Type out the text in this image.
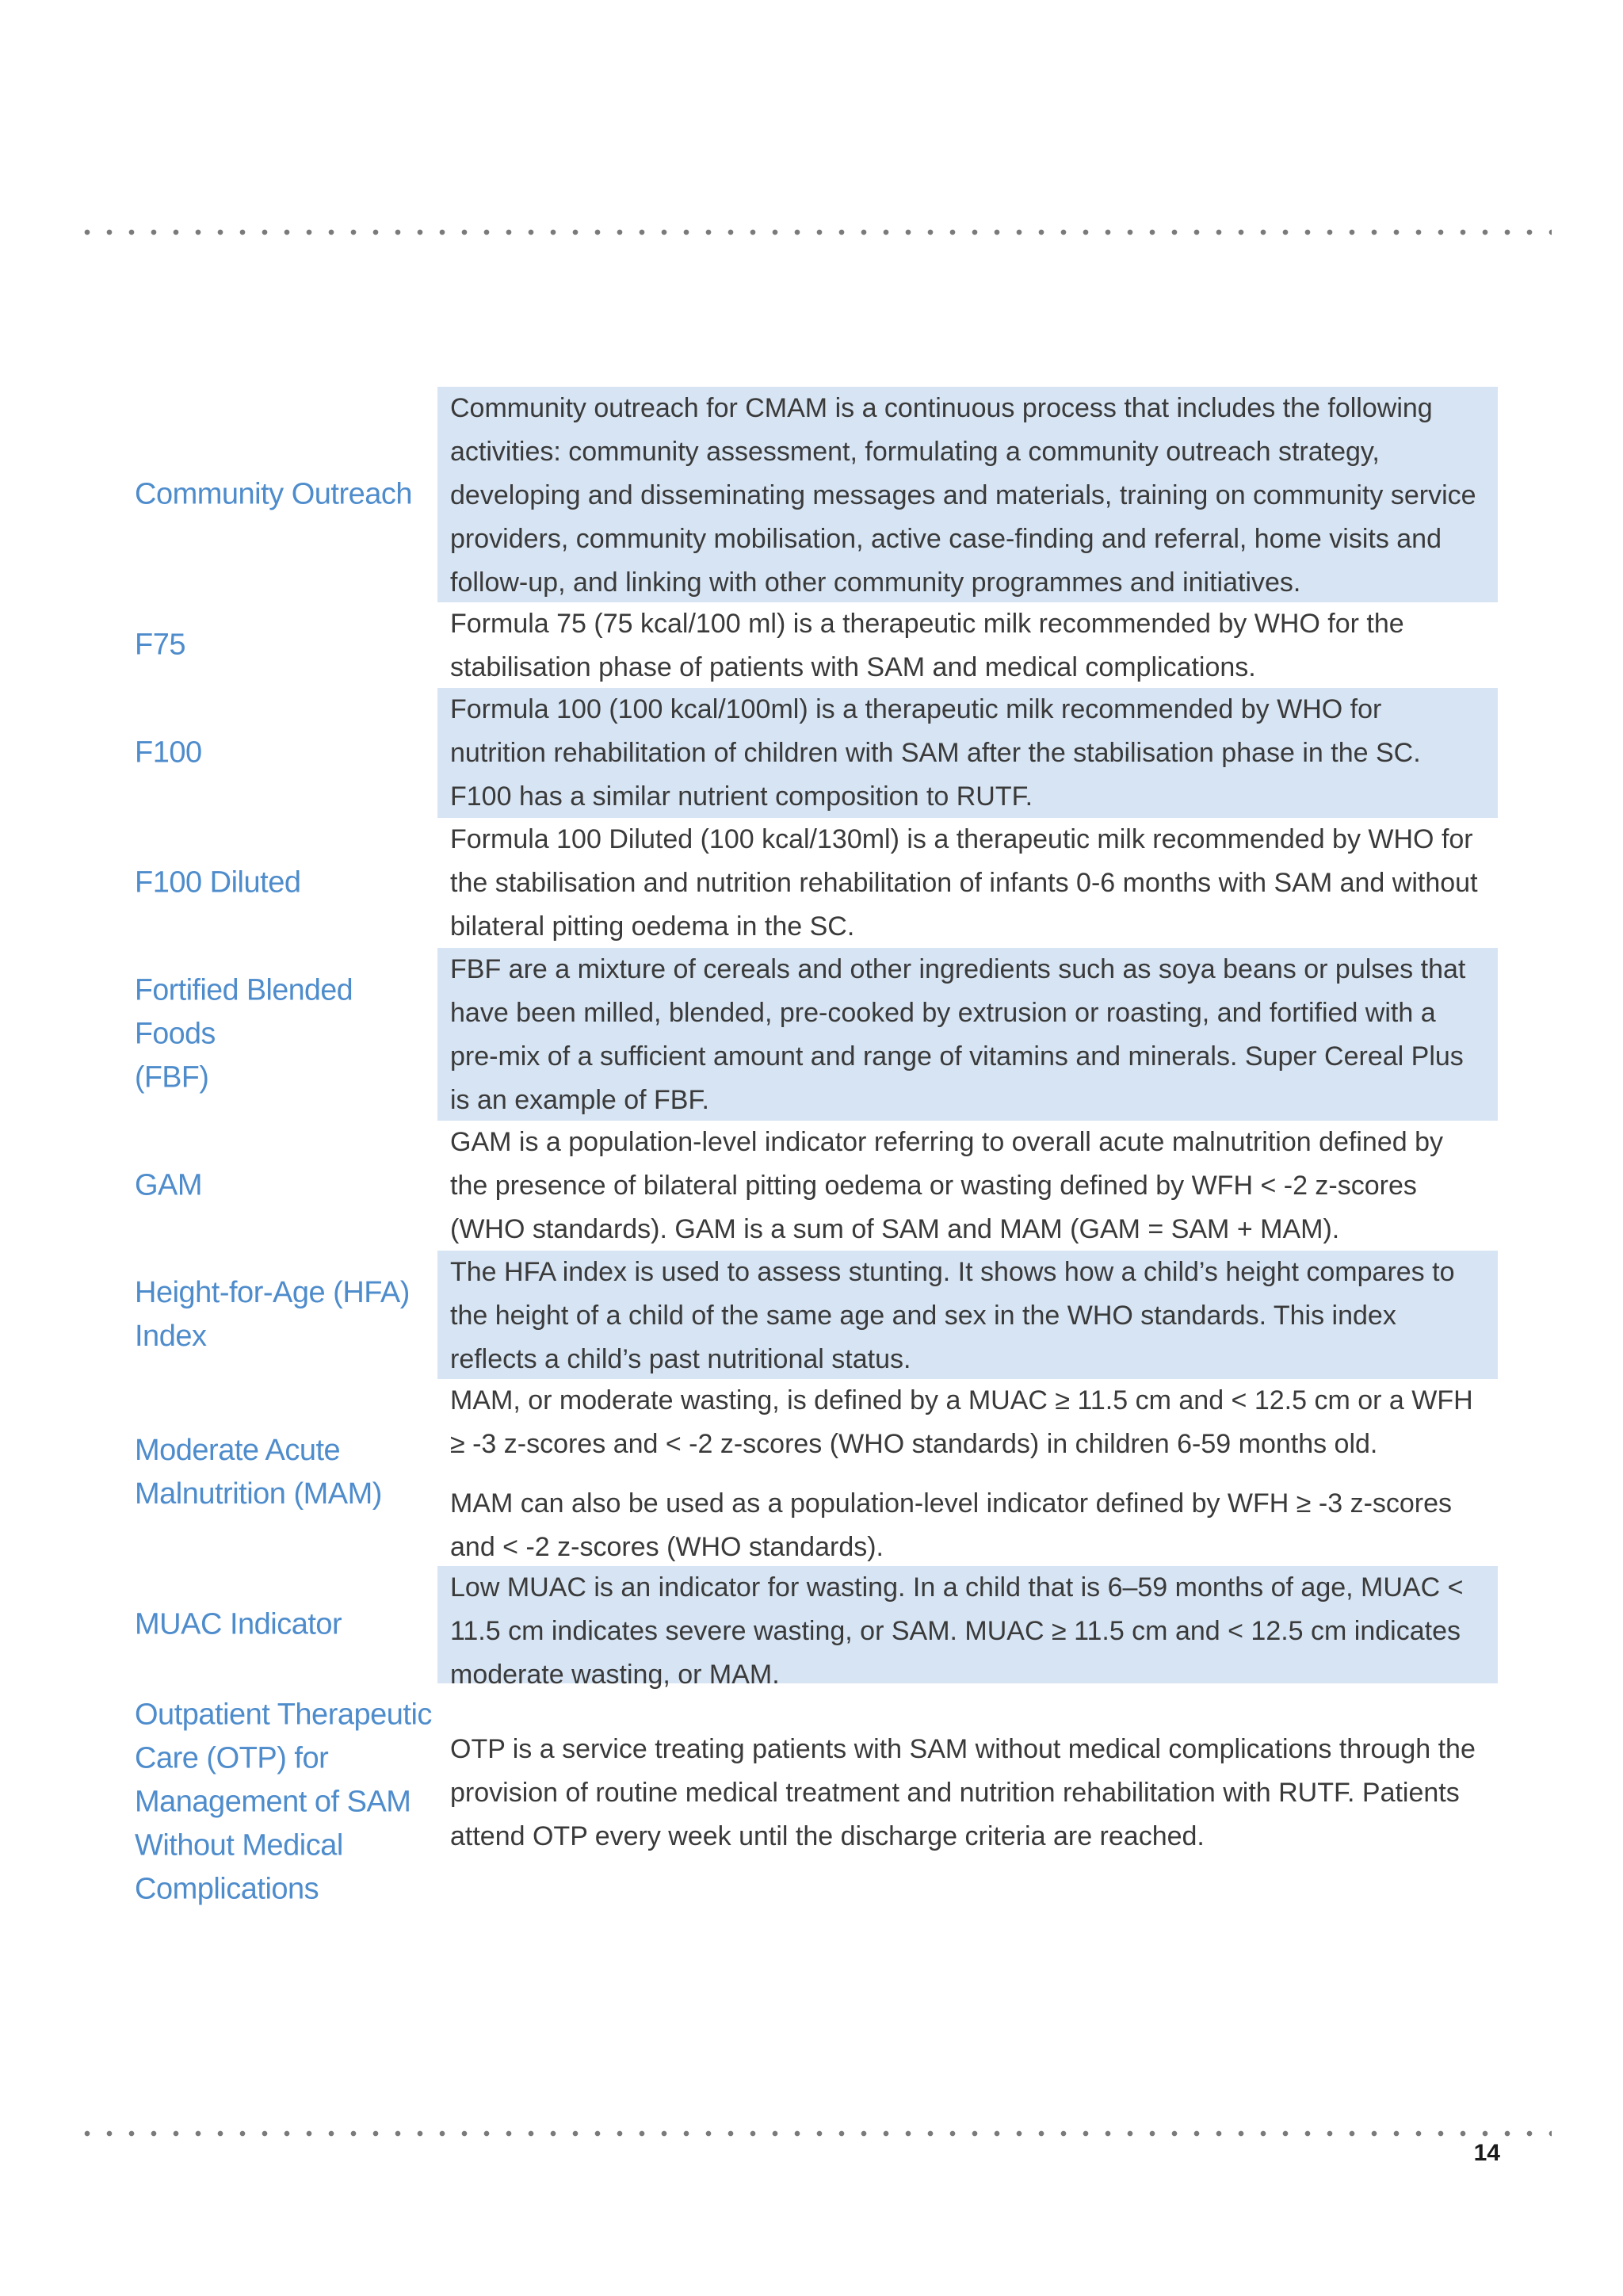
Community Outreach

Community outreach for CMAM is a continuous process that includes the following activities: community assessment, formulating a community outreach strategy, developing and disseminating messages and materials, training on community service providers, community mobilisation, active case-finding and referral, home visits and follow-up, and linking with other community programmes and initiatives.

F75

Formula 75 (75 kcal/100 ml) is a therapeutic milk recommended by WHO for the stabilisation phase of patients with SAM and medical complications.

F100

Formula 100 (100 kcal/100ml) is a therapeutic milk recommended by WHO for nutrition rehabilitation of children with SAM after the stabilisation phase in the SC. F100 has a similar nutrient composition to RUTF.

F100 Diluted

Formula 100 Diluted (100 kcal/130ml) is a therapeutic milk recommended by WHO for the stabilisation and nutrition rehabilitation of infants 0-6 months with SAM and without bilateral pitting oedema in the SC.

Fortified Blended Foods
(FBF)

FBF are a mixture of cereals and other ingredients such as soya beans or pulses that have been milled, blended, pre-cooked by extrusion or roasting, and fortified with a pre-mix of a sufficient amount and range of vitamins and minerals. Super Cereal Plus is an example of FBF.

GAM

GAM is a population-level indicator referring to overall acute malnutrition defined by the presence of bilateral pitting oedema or wasting defined by WFH < -2 z-scores (WHO standards). GAM is a sum of SAM and MAM (GAM = SAM + MAM).

Height-for-Age (HFA)
Index

The HFA index is used to assess stunting. It shows how a child’s height compares to the height of a child of the same age and sex in the WHO standards. This index reflects a child’s past nutritional status.

Moderate Acute
Malnutrition (MAM)

MAM, or moderate wasting, is defined by a MUAC ≥ 11.5 cm and < 12.5 cm or a WFH ≥ -3 z-scores and < -2 z-scores (WHO standards) in children 6-59 months old.

MAM can also be used as a population-level indicator defined by WFH ≥ -3 z-scores and < -2 z-scores (WHO standards).

MUAC Indicator

Low MUAC is an indicator for wasting. In a child that is 6–59 months of age, MUAC < 11.5 cm indicates severe wasting, or SAM. MUAC ≥ 11.5 cm and < 12.5 cm indicates moderate wasting, or MAM.

Outpatient Therapeutic
Care (OTP) for
Management of SAM
Without Medical
Complications

OTP is a service treating patients with SAM without medical complications through the provision of routine medical treatment and nutrition rehabilitation with RUTF. Patients attend OTP every week until the discharge criteria are reached.

14
